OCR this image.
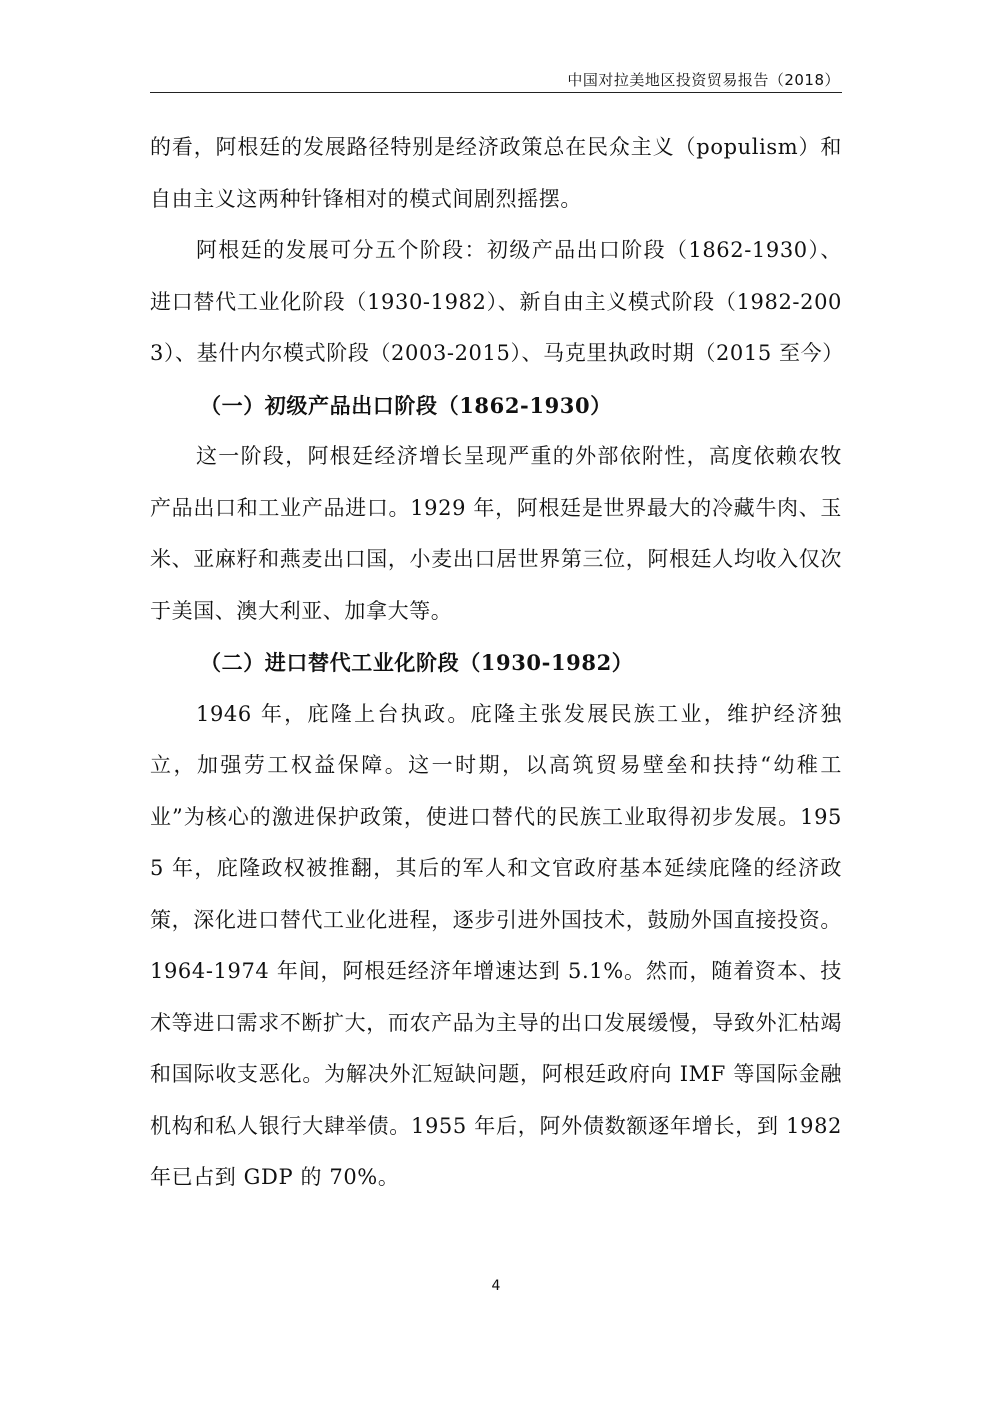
中国对拉美地区投资贸易报告（2018）

的看，阿根廷的发展路径特别是经济政策总在民众主义（populism）和自由主义这两种针锋相对的模式间剧烈摇摆。

阿根廷的发展可分五个阶段：初级产品出口阶段（1862-1930）、进口替代工业化阶段（1930-1982）、新自由主义模式阶段（1982-2003）、基什内尔模式阶段（2003-2015）、马克里执政时期（2015 至今）

（一）初级产品出口阶段（1862-1930）

这一阶段，阿根廷经济增长呈现严重的外部依附性，高度依赖农牧产品出口和工业产品进口。1929 年，阿根廷是世界最大的冷藏牛肉、玉米、亚麻籽和燕麦出口国，小麦出口居世界第三位，阿根廷人均收入仅次于美国、澳大利亚、加拿大等。

（二）进口替代工业化阶段（1930-1982）

1946 年，庇隆上台执政。庇隆主张发展民族工业，维护经济独立，加强劳工权益保障。这一时期，以高筑贸易壁垒和扶持“幼稚工业”为核心的激进保护政策，使进口替代的民族工业取得初步发展。1955 年，庇隆政权被推翻，其后的军人和文官政府基本延续庇隆的经济政策，深化进口替代工业化进程，逐步引进外国技术，鼓励外国直接投资。1964-1974 年间，阿根廷经济年增速达到 5.1%。然而，随着资本、技术等进口需求不断扩大，而农产品为主导的出口发展缓慢，导致外汇枯竭和国际收支恶化。为解决外汇短缺问题，阿根廷政府向 IMF 等国际金融机构和私人银行大肆举债。1955 年后，阿外债数额逐年增长，到 1982 年已占到 GDP 的 70%。

4
